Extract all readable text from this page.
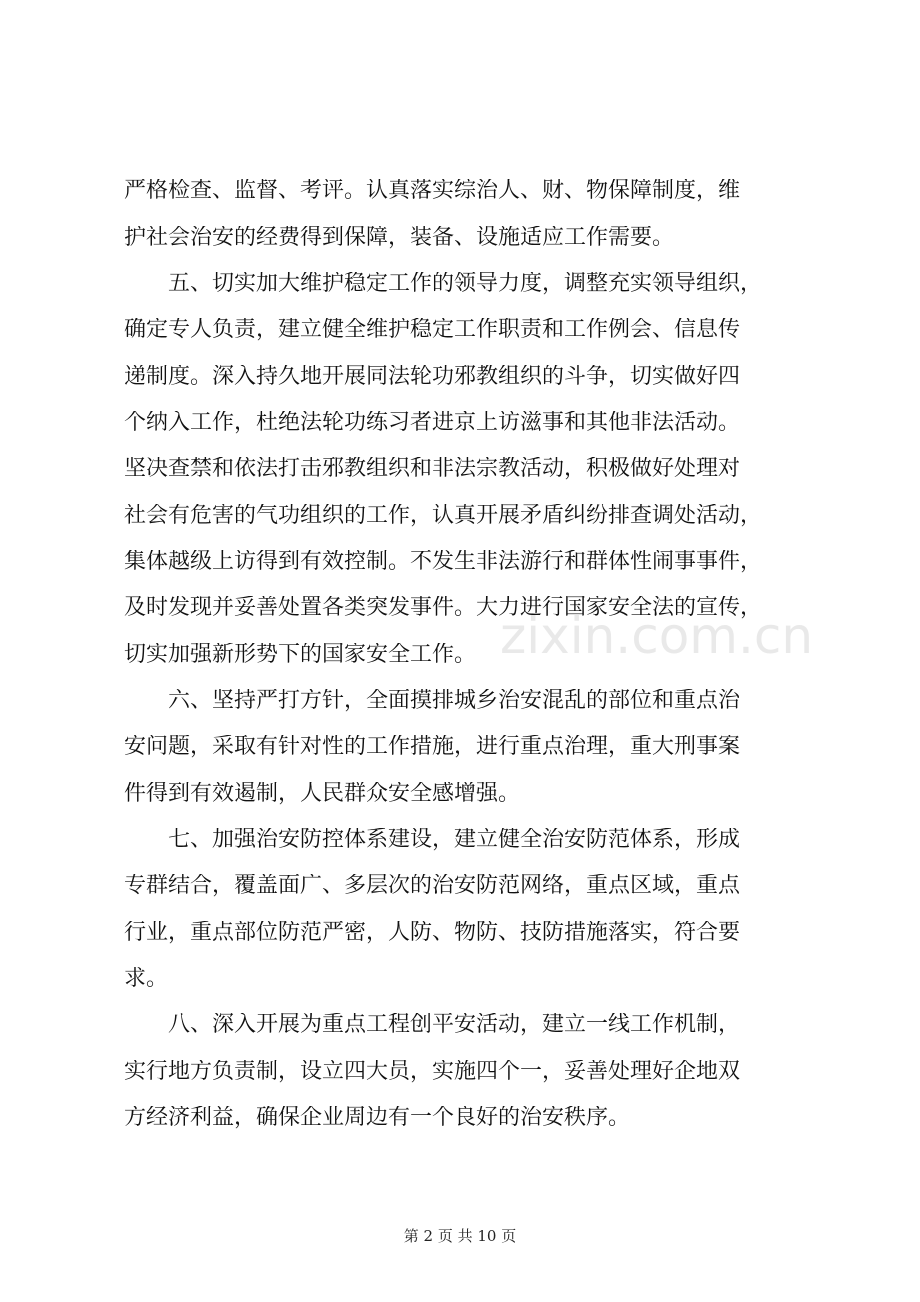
严格检查、监督、考评。认真落实综治人、财、物保障制度，维
护社会治安的经费得到保障，装备、设施适应工作需要。
　　五、切实加大维护稳定工作的领导力度，调整充实领导组织，
确定专人负责，建立健全维护稳定工作职责和工作例会、信息传
递制度。深入持久地开展同法轮功邪教组织的斗争，切实做好四
个纳入工作，杜绝法轮功练习者进京上访滋事和其他非法活动。
坚决查禁和依法打击邪教组织和非法宗教活动，积极做好处理对
社会有危害的气功组织的工作，认真开展矛盾纠纷排查调处活动，
集体越级上访得到有效控制。不发生非法游行和群体性闹事事件，
及时发现并妥善处置各类突发事件。大力进行国家安全法的宣传，
切实加强新形势下的国家安全工作。
　　六、坚持严打方针，全面摸排城乡治安混乱的部位和重点治
安问题，采取有针对性的工作措施，进行重点治理，重大刑事案
件得到有效遏制，人民群众安全感增强。
　　七、加强治安防控体系建设，建立健全治安防范体系，形成
专群结合，覆盖面广、多层次的治安防范网络，重点区域，重点
行业，重点部位防范严密，人防、物防、技防措施落实，符合要
求。
　　八、深入开展为重点工程创平安活动，建立一线工作机制，
实行地方负责制，设立四大员，实施四个一，妥善处理好企地双
方经济利益，确保企业周边有一个良好的治安秩序。
zixin.com.cn
第 2 页 共 10 页
